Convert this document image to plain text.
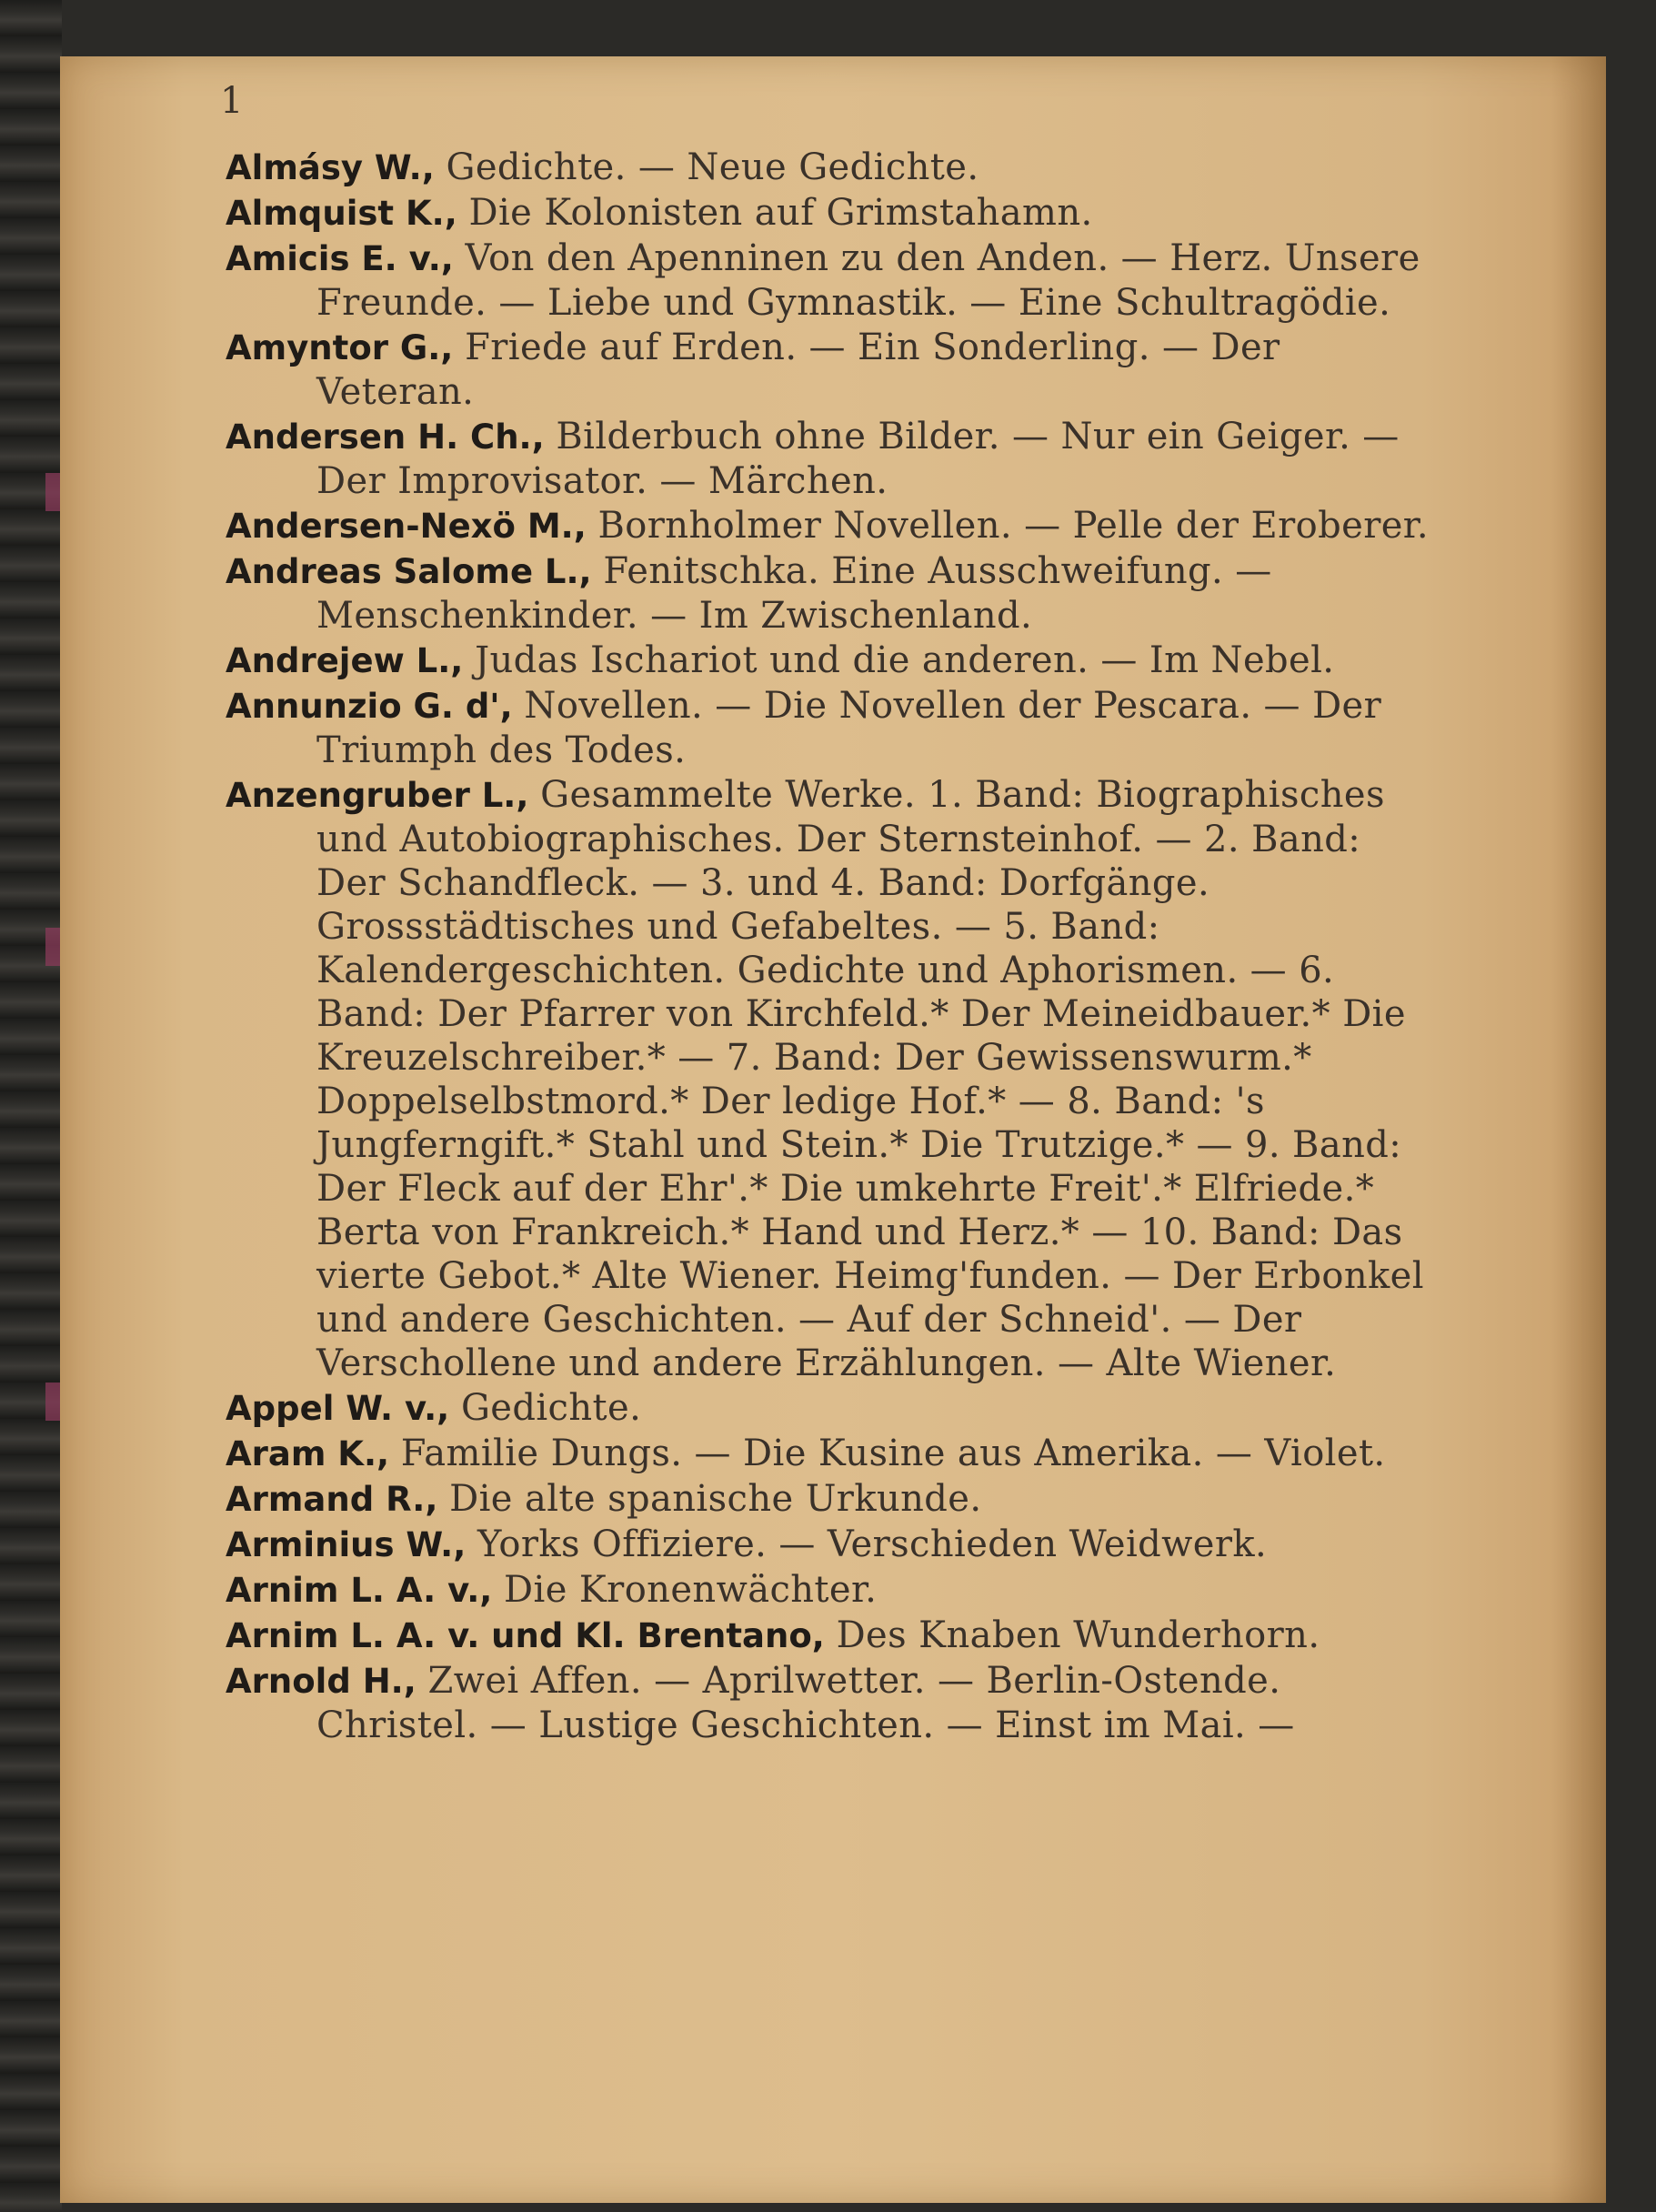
1

Almásy W., Gedichte. — Neue Gedichte.

Almquist K., Die Kolonisten auf Grimstahamn.

Amicis E. v., Von den Apenninen zu den Anden. — Herz. Unsere Freunde. — Liebe und Gymnastik. — Eine Schultragödie.

Amyntor G., Friede auf Erden. — Ein Sonderling. — Der Veteran.

Andersen H. Ch., Bilderbuch ohne Bilder. — Nur ein Geiger. — Der Improvisator. — Märchen.

Andersen-Nexö M., Bornholmer Novellen. — Pelle der Eroberer.

Andreas Salome L., Fenitschka. Eine Ausschweifung. — Menschenkinder. — Im Zwischenland.

Andrejew L., Judas Ischariot und die anderen. — Im Nebel.

Annunzio G. d', Novellen. — Die Novellen der Pescara. — Der Triumph des Todes.

Anzengruber L., Gesammelte Werke. 1. Band: Biographisches und Autobiographisches. Der Sternsteinhof. — 2. Band: Der Schandfleck. — 3. und 4. Band: Dorfgänge. Grossstädtisches und Gefabeltes. — 5. Band: Kalendergeschichten. Gedichte und Aphorismen. — 6. Band: Der Pfarrer von Kirchfeld.* Der Meineidbauer.* Die Kreuzelschreiber.* — 7. Band: Der Gewissenswurm.* Doppelselbstmord.* Der ledige Hof.* — 8. Band: 's Jungferngift.* Stahl und Stein.* Die Trutzige.* — 9. Band: Der Fleck auf der Ehr'.* Die umkehrte Freit'.* Elfriede.* Berta von Frankreich.* Hand und Herz.* — 10. Band: Das vierte Gebot.* Alte Wiener. Heimg'funden. — Der Erbonkel und andere Geschichten. — Auf der Schneid'. — Der Verschollene und andere Erzählungen. — Alte Wiener.

Appel W. v., Gedichte.

Aram K., Familie Dungs. — Die Kusine aus Amerika. — Violet.

Armand R., Die alte spanische Urkunde.

Arminius W., Yorks Offiziere. — Verschieden Weidwerk.

Arnim L. A. v., Die Kronenwächter.

Arnim L. A. v. und Kl. Brentano, Des Knaben Wunderhorn.

Arnold H., Zwei Affen. — Aprilwetter. — Berlin-Ostende. Christel. — Lustige Geschichten. — Einst im Mai. —
